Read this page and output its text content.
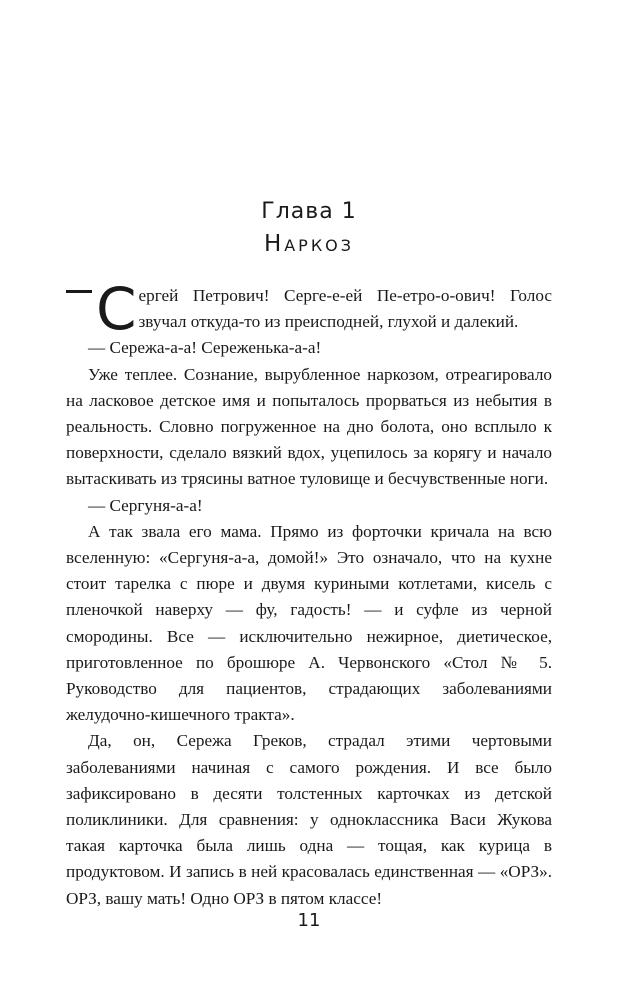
Глава 1
Наркоз

С ергей Петрович! Серге-е-ей Пе-етро-о-ович! Голос звучал откуда-то из преисподней, глухой и далекий.

— Сережа-а-а! Сереженька-а-а!

Уже теплее. Сознание, вырубленное наркозом, отреагировало на ласковое детское имя и попыталось прорваться из небытия в реальность. Словно погруженное на дно болота, оно всплыло к поверхности, сделало вязкий вдох, уцепилось за корягу и начало вытаскивать из трясины ватное туловище и бесчувственные ноги.

— Сергуня-а-а!

А так звала его мама. Прямо из форточки кричала на всю вселенную: «Сергуня-а-а, домой!» Это означало, что на кухне стоит тарелка с пюре и двумя куриными котлетами, кисель с пленочкой наверху — фу, гадость! — и суфле из черной смородины. Все — исключительно нежирное, диетическое, приготовленное по брошюре А. Червонского «Стол № 5. Руководство для пациентов, страдающих заболеваниями желудочно-кишечного тракта».

Да, он, Сережа Греков, страдал этими чертовыми заболеваниями начиная с самого рождения. И все было зафиксировано в десяти толстенных карточках из детской поликлиники. Для сравнения: у одноклассника Васи Жукова такая карточка была лишь одна — тощая, как курица в продуктовом. И запись в ней красовалась единственная — «ОРЗ». ОРЗ, вашу мать! Одно ОРЗ в пятом классе!

11
